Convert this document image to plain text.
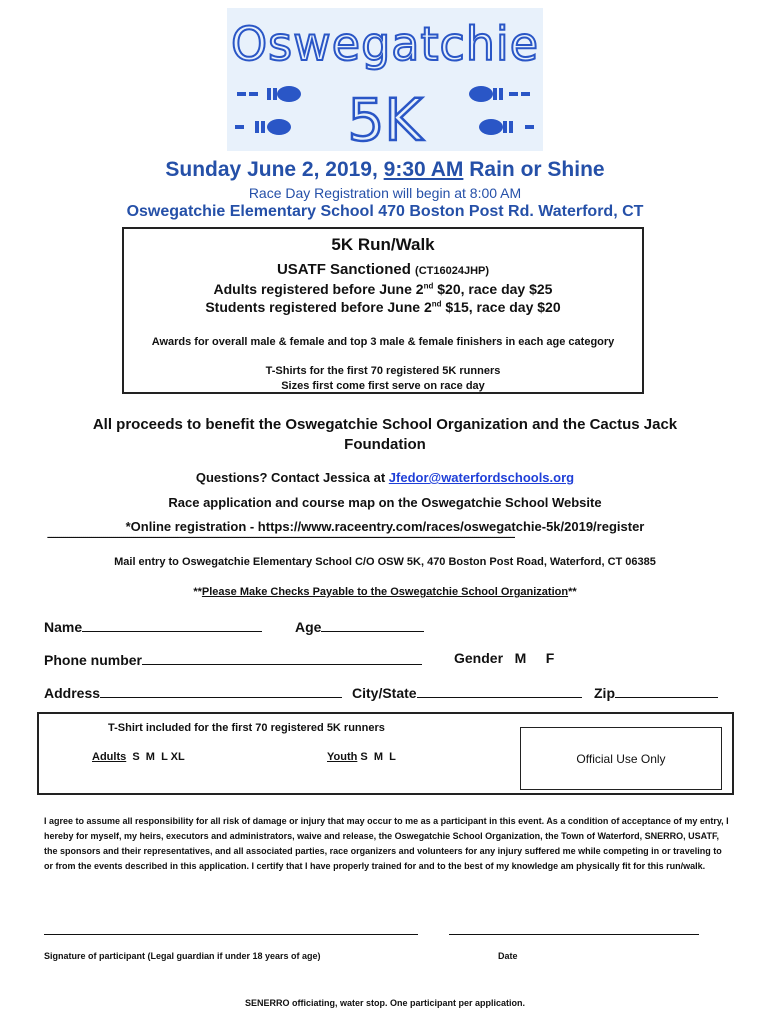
Oswegatchie
5K
Sunday June 2, 2019, 9:30 AM Rain or Shine
Race Day Registration will begin at 8:00 AM
Oswegatchie Elementary School 470 Boston Post Rd. Waterford, CT
5K Run/Walk
USATF Sanctioned (CT16024JHP)
Adults registered before June 2nd $20, race day $25
Students registered before June 2nd $15, race day $20
Awards for overall male & female and top 3 male & female finishers in each age category
T-Shirts for the first 70 registered 5K runners
Sizes first come first serve on race day
All proceeds to benefit the Oswegatchie School Organization and the Cactus Jack Foundation
Questions? Contact Jessica at Jfedor@waterfordschools.org
Race application and course map on the Oswegatchie School Website
*Online registration - https://www.raceentry.com/races/oswegatchie-5k/2019/register
------------------------------------------------------------------------------------------------------------------------------------------------------------------------------------------------------------------------------------------
Mail entry to Oswegatchie Elementary School C/O OSW 5K, 470 Boston Post Road, Waterford, CT 06385
**Please Make Checks Payable to the Oswegatchie School Organization**
Name	Age
Phone number	Gender   M     F
Address	City/State	Zip
T-Shirt included for the first 70 registered 5K runners
Adults  S  M  L XL	Youth S  M  L	Official Use Only
I agree to assume all responsibility for all risk of damage or injury that may occur to me as a participant in this event. As a condition of acceptance of my entry, I hereby for myself, my heirs, executors and administrators, waive and release, the Oswegatchie School Organization, the Town of Waterford, SNERRO, USATF, the sponsors and their representatives, and all associated parties, race organizers and volunteers for any injury suffered me while competing in or traveling to or from the events described in this application. I certify that I have properly trained for and to the best of my knowledge am physically fit for this run/walk.
Signature of participant (Legal guardian if under 18 years of age)	Date
SENERRO officiating, water stop. One participant per application.
